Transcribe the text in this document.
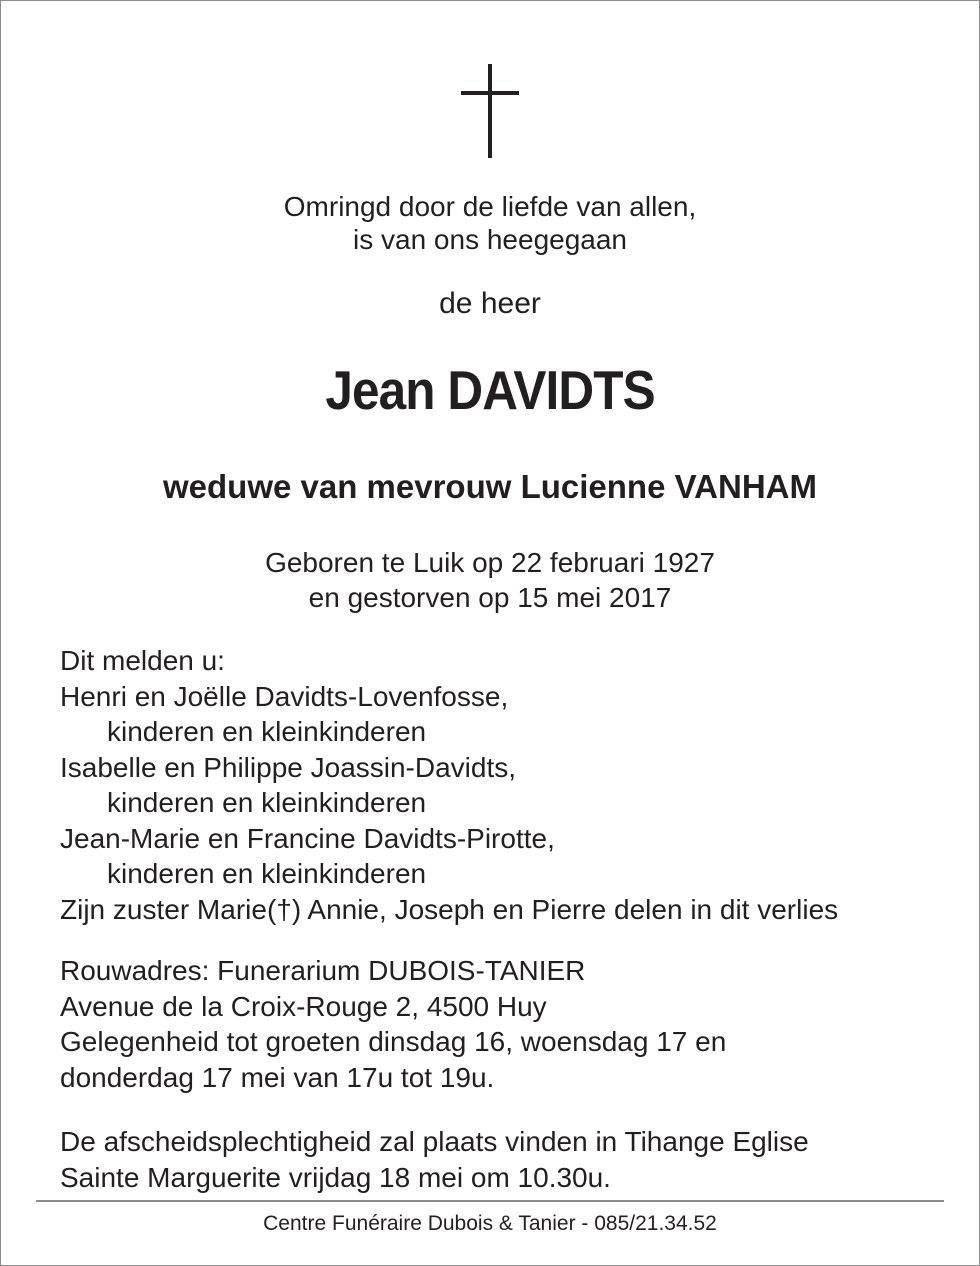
Omringd door de liefde van allen,
is van ons heegegaan
de heer
Jean DAVIDTS
weduwe van mevrouw Lucienne VANHAM
Geboren te Luik op 22 februari 1927
en gestorven op 15 mei 2017
Dit melden u:
Henri en Joëlle Davidts-Lovenfosse,
kinderen en kleinkinderen
Isabelle en Philippe Joassin-Davidts,
kinderen en kleinkinderen
Jean-Marie en Francine Davidts-Pirotte,
kinderen en kleinkinderen
Zijn zuster Marie(†) Annie, Joseph en Pierre delen in dit verlies
Rouwadres: Funerarium DUBOIS-TANIER
Avenue de la Croix-Rouge 2, 4500 Huy
Gelegenheid tot groeten dinsdag 16, woensdag 17 en
donderdag 17 mei van 17u tot 19u.
De afscheidsplechtigheid zal plaats vinden in Tihange Eglise
Sainte Marguerite vrijdag 18 mei om 10.30u.
Centre Funéraire Dubois & Tanier - 085/21.34.52
